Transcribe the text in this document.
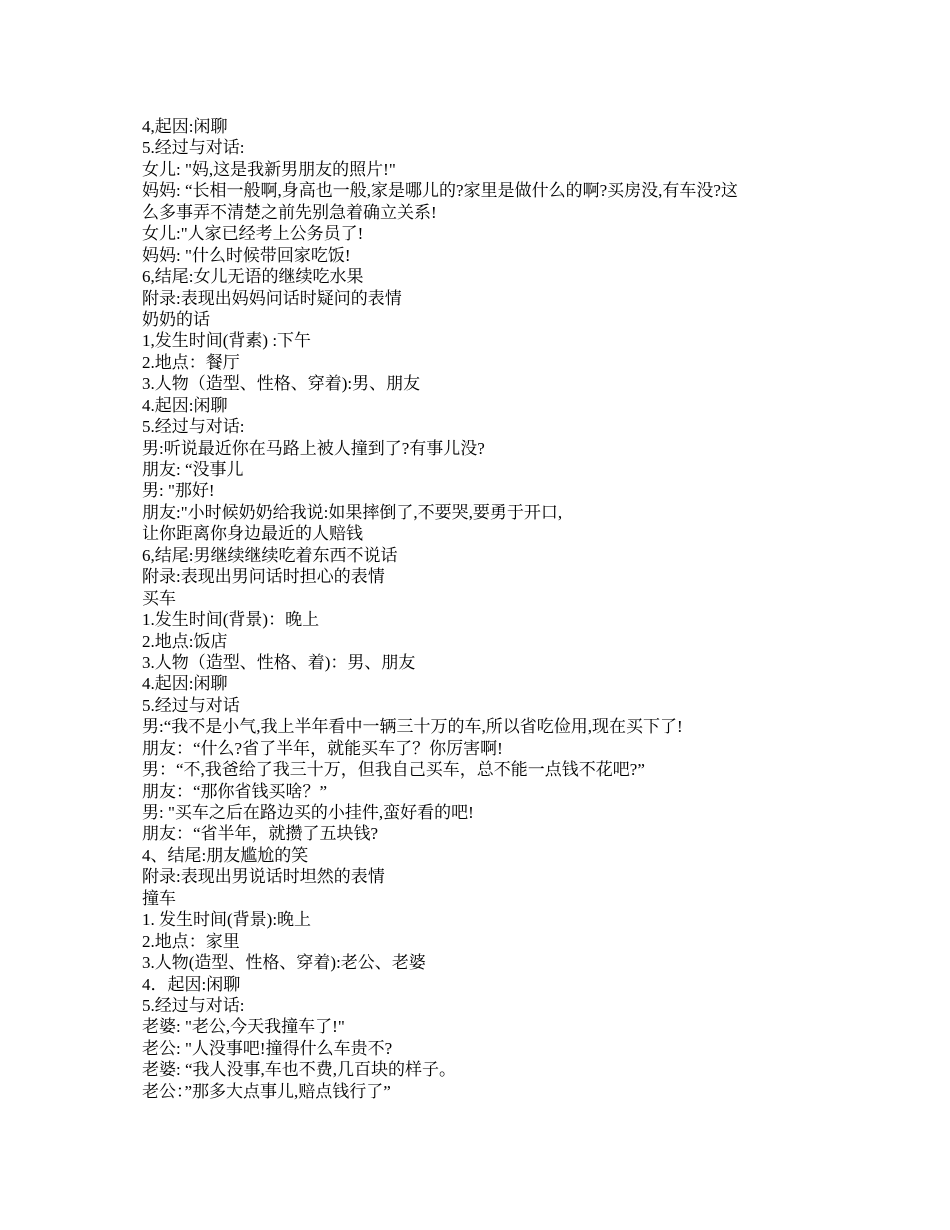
4,起因:闲聊
5.经过与对话:
女儿: "妈,这是我新男朋友的照片!"
妈妈: “长相一般啊,身高也一般,家是哪儿的?家里是做什么的啊?买房没,有车没?这
么多事弄不清楚之前先别急着确立关系!
女儿:"人家已经考上公务员了!
妈妈: "什么时候带回家吃饭!
6,结尾:女儿无语的继续吃水果
附录:表现出妈妈问话时疑问的表情
奶奶的话
1,发生时间(背素) :下午
2.地点：餐厅
3.人物（造型、性格、穿着):男、朋友
4.起因:闲聊
5.经过与对话:
男:听说最近你在马路上被人撞到了?有事儿没?
朋友: “没事儿
男: "那好!
朋友:"小时候奶奶给我说:如果摔倒了,不要哭,要勇于开口,
让你距离你身边最近的人赔钱
6,结尾:男继续继续吃着东西不说话
附录:表现出男问话时担心的表情
买车
1.发生时间(背景)：晚上
2.地点:饭店
3.人物（造型、性格、着)：男、朋友
4.起因:闲聊
5.经过与对话
男:“我不是小气,我上半年看中一辆三十万的车,所以省吃俭用,现在买下了!
朋友：“什么?省了半年，就能买车了？你厉害啊!
男：“不,我爸给了我三十万，但我自己买车，总不能一点钱不花吧?”
朋友：“那你省钱买啥？”
男: "买车之后在路边买的小挂件,蛮好看的吧!
朋友：“省半年，就攒了五块钱?
4、结尾:朋友尴尬的笑
附录:表现出男说话时坦然的表情
撞车
1. 发生时间(背景):晚上
2.地点：家里
3.人物(造型、性格、穿着):老公、老婆
4．起因:闲聊
5.经过与对话:
老婆: "老公,今天我撞车了!"
老公: "人没事吧!撞得什么车贵不?
老婆: “我人没事,车也不费,几百块的样子。
老公：”那多大点事儿,赔点钱行了”
